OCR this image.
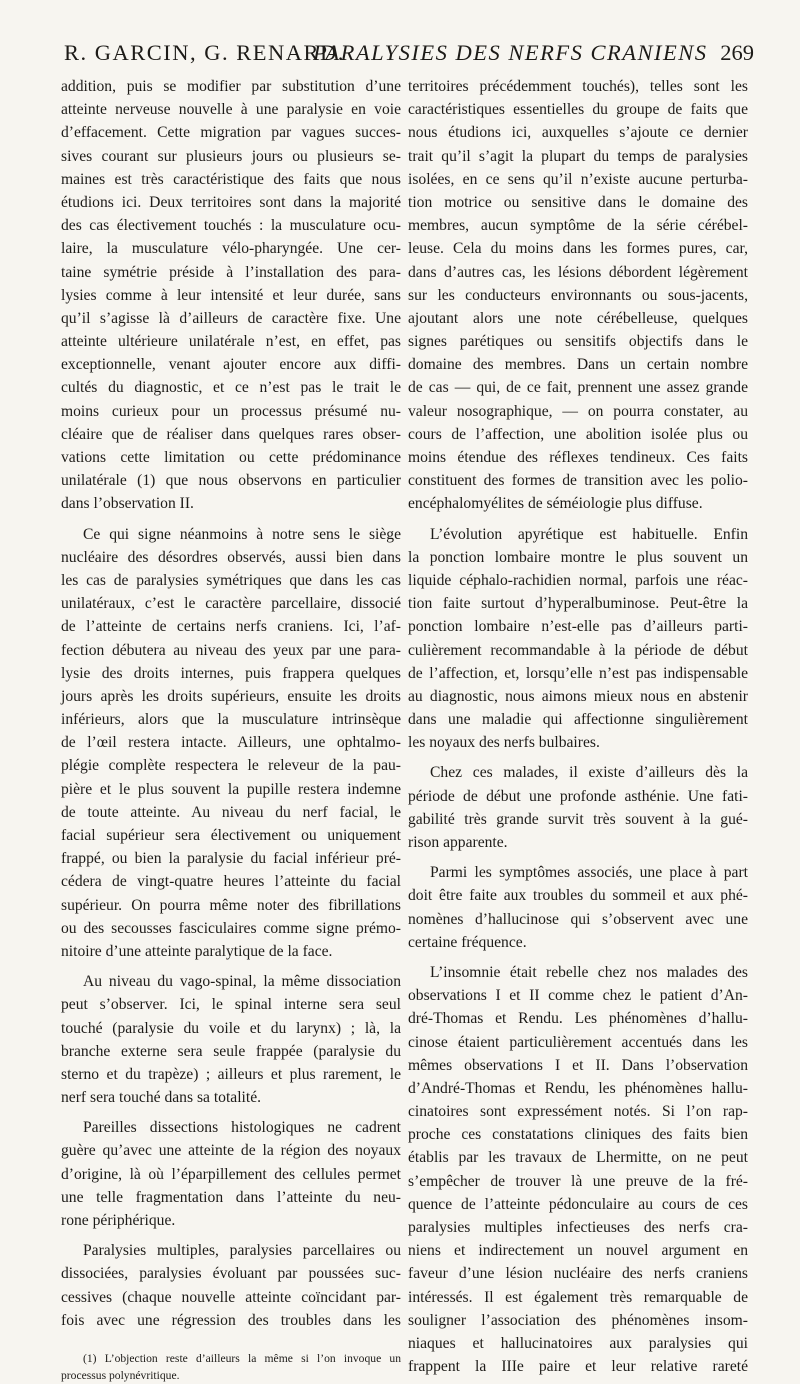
R. GARCIN, G. RENARD.
PARALYSIES DES NERFS CRANIENS 269
addition, puis se modifier par substitution d’une
atteinte nerveuse nouvelle à une paralysie en voie
d’effacement. Cette migration par vagues succes-
sives courant sur plusieurs jours ou plusieurs se-
maines est très caractéristique des faits que nous
étudions ici. Deux territoires sont dans la majorité
des cas électivement touchés : la musculature ocu-
laire, la musculature vélo-pharyngée. Une cer-
taine symétrie préside à l’installation des para-
lysies comme à leur intensité et leur durée, sans
qu’il s’agisse là d’ailleurs de caractère fixe. Une
atteinte ultérieure unilatérale n’est, en effet, pas
exceptionnelle, venant ajouter encore aux diffi-
cultés du diagnostic, et ce n’est pas le trait le
moins curieux pour un processus présumé nu-
cléaire que de réaliser dans quelques rares obser-
vations cette limitation ou cette prédominance
unilatérale (1) que nous observons en particulier
dans l’observation II.
Ce qui signe néanmoins à notre sens le siège
nucléaire des désordres observés, aussi bien dans
les cas de paralysies symétriques que dans les cas
unilatéraux, c’est le caractère parcellaire, dissocié
de l’atteinte de certains nerfs craniens. Ici, l’af-
fection débutera au niveau des yeux par une para-
lysie des droits internes, puis frappera quelques
jours après les droits supérieurs, ensuite les droits
inférieurs, alors que la musculature intrinsèque
de l’œil restera intacte. Ailleurs, une ophtalmo-
plégie complète respectera le releveur de la pau-
pière et le plus souvent la pupille restera indemne
de toute atteinte. Au niveau du nerf facial, le
facial supérieur sera électivement ou uniquement
frappé, ou bien la paralysie du facial inférieur pré-
cédera de vingt-quatre heures l’atteinte du facial
supérieur. On pourra même noter des fibrillations
ou des secousses fasciculaires comme signe prémo-
nitoire d’une atteinte paralytique de la face.
Au niveau du vago-spinal, la même dissociation
peut s’observer. Ici, le spinal interne sera seul
touché (paralysie du voile et du larynx) ; là, la
branche externe sera seule frappée (paralysie du
sterno et du trapèze) ; ailleurs et plus rarement, le
nerf sera touché dans sa totalité.
Pareilles dissections histologiques ne cadrent
guère qu’avec une atteinte de la région des noyaux
d’origine, là où l’éparpillement des cellules permet
une telle fragmentation dans l’atteinte du neu-
rone périphérique.
Paralysies multiples, paralysies parcellaires ou
dissociées, paralysies évoluant par poussées suc-
cessives (chaque nouvelle atteinte coïncidant par-
fois avec une régression des troubles dans les
(1) L’objection reste d’ailleurs la même si l’on invoque un
processus polynévritique.
territoires précédemment touchés), telles sont les
caractéristiques essentielles du groupe de faits que
nous étudions ici, auxquelles s’ajoute ce dernier
trait qu’il s’agit la plupart du temps de paralysies
isolées, en ce sens qu’il n’existe aucune perturba-
tion motrice ou sensitive dans le domaine des
membres, aucun symptôme de la série cérébel-
leuse. Cela du moins dans les formes pures, car,
dans d’autres cas, les lésions débordent légèrement
sur les conducteurs environnants ou sous-jacents,
ajoutant alors une note cérébelleuse, quelques
signes parétiques ou sensitifs objectifs dans le
domaine des membres. Dans un certain nombre
de cas — qui, de ce fait, prennent une assez grande
valeur nosographique, — on pourra constater, au
cours de l’affection, une abolition isolée plus ou
moins étendue des réflexes tendineux. Ces faits
constituent des formes de transition avec les polio-
encéphalomyélites de séméiologie plus diffuse.
L’évolution apyrétique est habituelle. Enfin
la ponction lombaire montre le plus souvent un
liquide céphalo-rachidien normal, parfois une réac-
tion faite surtout d’hyperalbuminose. Peut-être la
ponction lombaire n’est-elle pas d’ailleurs parti-
culièrement recommandable à la période de début
de l’affection, et, lorsqu’elle n’est pas indispensable
au diagnostic, nous aimons mieux nous en abstenir
dans une maladie qui affectionne singulièrement
les noyaux des nerfs bulbaires.
Chez ces malades, il existe d’ailleurs dès la
période de début une profonde asthénie. Une fati-
gabilité très grande survit très souvent à la gué-
rison apparente.
Parmi les symptômes associés, une place à part
doit être faite aux troubles du sommeil et aux phé-
nomènes d’hallucinose qui s’observent avec une
certaine fréquence.
L’insomnie était rebelle chez nos malades des
observations I et II comme chez le patient d’An-
dré-Thomas et Rendu. Les phénomènes d’hallu-
cinose étaient particulièrement accentués dans les
mêmes observations I et II. Dans l’observation
d’André-Thomas et Rendu, les phénomènes hallu-
cinatoires sont expressément notés. Si l’on rap-
proche ces constatations cliniques des faits bien
établis par les travaux de Lhermitte, on ne peut
s’empêcher de trouver là une preuve de la fré-
quence de l’atteinte pédonculaire au cours de ces
paralysies multiples infectieuses des nerfs cra-
niens et indirectement un nouvel argument en
faveur d’une lésion nucléaire des nerfs craniens
intéressés. Il est également très remarquable de
souligner l’association des phénomènes insom-
niaques et hallucinatoires aux paralysies qui
frappent la IIIe paire et leur relative rareté
